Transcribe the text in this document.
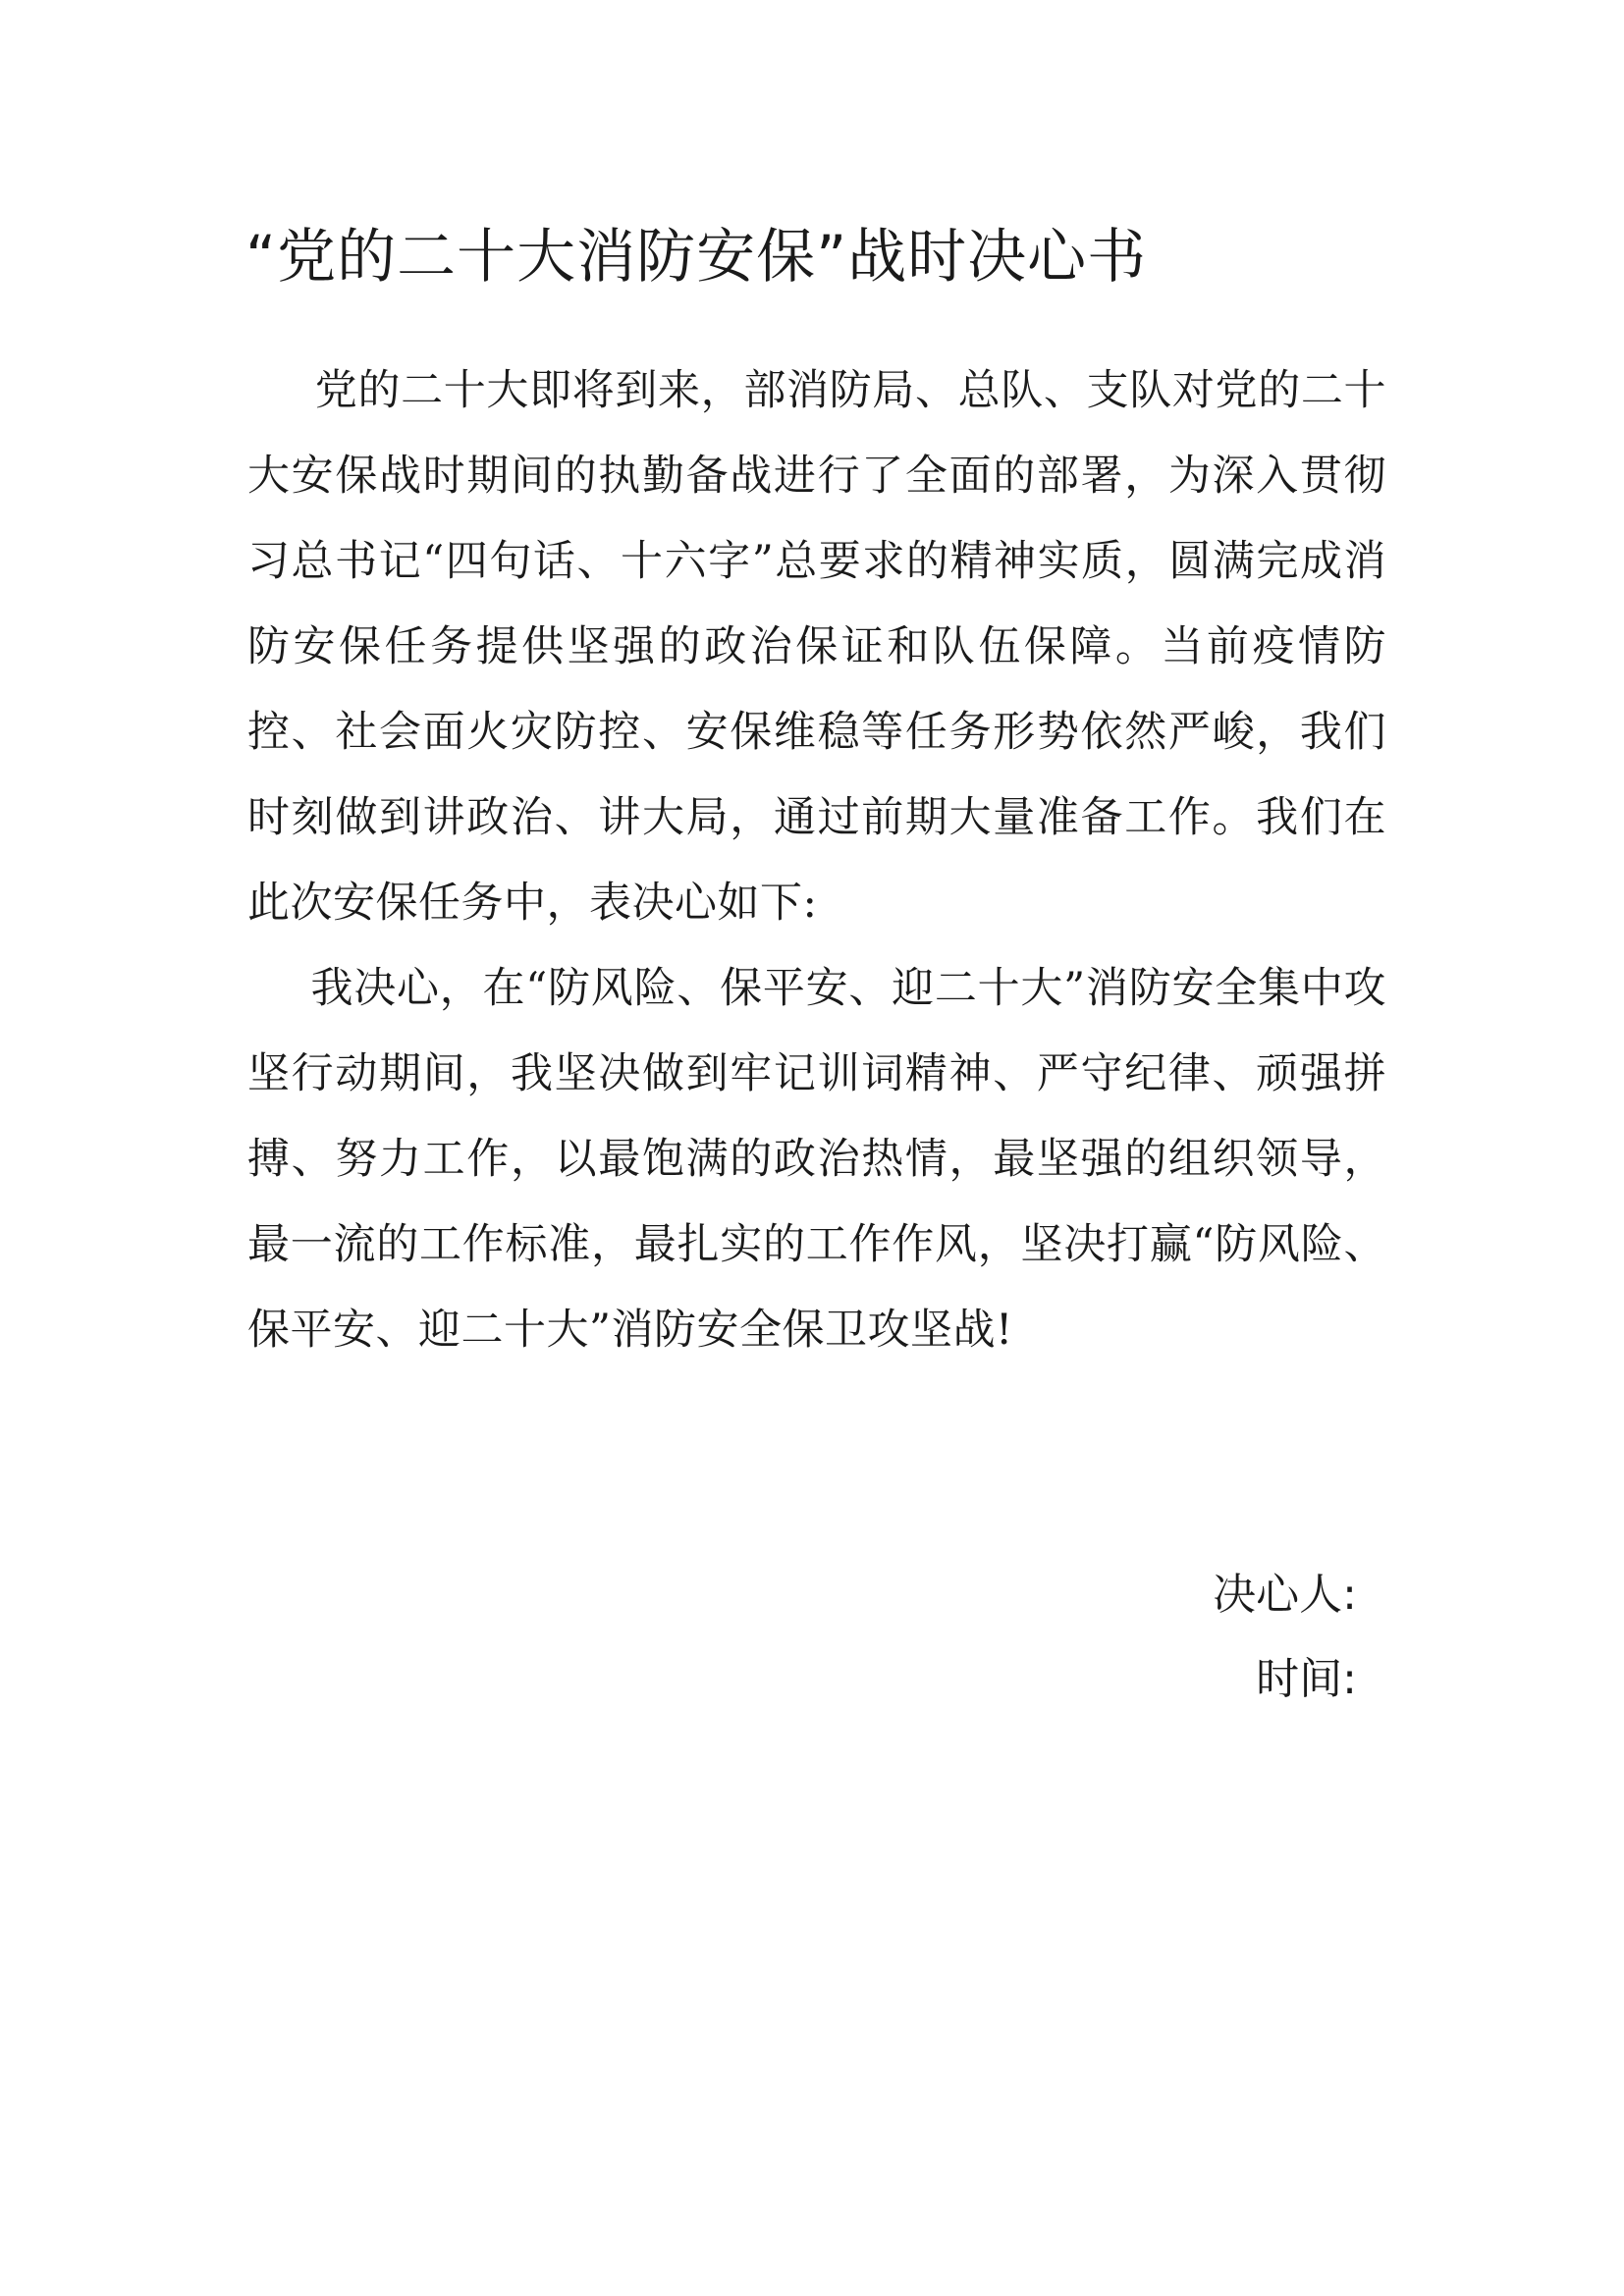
“党的二十大消防安保”战时决心书

党的二十大即将到来，部消防局、总队、支队对党的二十大安保战时期间的执勤备战进行了全面的部署，为深入贯彻习总书记“四句话、十六字”总要求的精神实质，圆满完成消防安保任务提供坚强的政治保证和队伍保障。当前疫情防控、社会面火灾防控、安保维稳等任务形势依然严峻，我们时刻做到讲政治、讲大局，通过前期大量准备工作。我们在此次安保任务中，表决心如下:

我决心，在“防风险、保平安、迎二十大”消防安全集中攻坚行动期间，我坚决做到牢记训词精神、严守纪律、顽强拼搏、努力工作，以最饱满的政治热情，最坚强的组织领导，最一流的工作标准，最扎实的工作作风，坚决打赢“防风险、保平安、迎二十大”消防安全保卫攻坚战!

决心人:
时间:
